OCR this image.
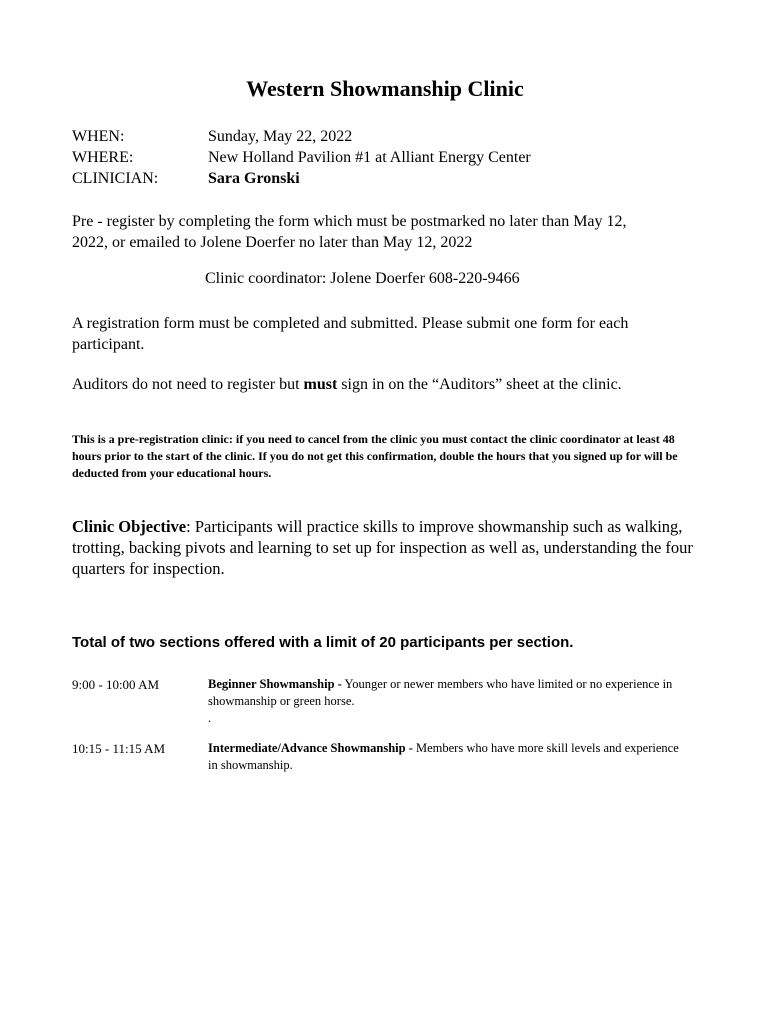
Western Showmanship Clinic
WHEN:	Sunday, May 22, 2022
WHERE:	New Holland Pavilion #1 at Alliant Energy Center
CLINICIAN:	Sara Gronski
Pre - register by completing the form which must be postmarked no later than May 12, 2022, or emailed to Jolene Doerfer no later than May 12, 2022
Clinic coordinator: Jolene Doerfer 608-220-9466
A registration form must be completed and submitted. Please submit one form for each participant.
Auditors do not need to register but must sign in on the “Auditors” sheet at the clinic.
This is a pre-registration clinic: if you need to cancel from the clinic you must contact the clinic coordinator at least 48 hours prior to the start of the clinic. If you do not get this confirmation, double the hours that you signed up for will be deducted from your educational hours.
Clinic Objective: Participants will practice skills to improve showmanship such as walking, trotting, backing pivots and learning to set up for inspection as well as, understanding the four quarters for inspection.
Total of two sections offered with a limit of 20 participants per section.
9:00 - 10:00 AM	Beginner Showmanship - Younger or newer members who have limited or no experience in showmanship or green horse.
.
10:15 - 11:15 AM	Intermediate/Advance Showmanship - Members who have more skill levels and experience in showmanship.
